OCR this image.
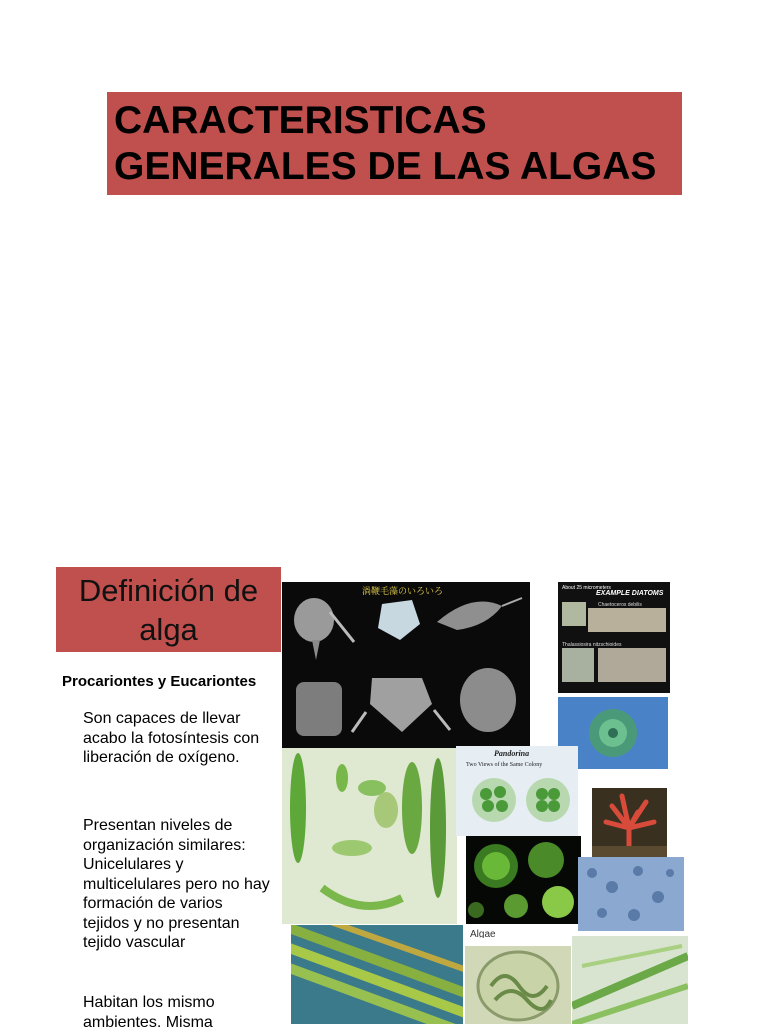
CARACTERISTICAS
GENERALES DE LAS ALGAS
Definición de
alga
Procariontes y Eucariontes
Son capaces de llevar acabo la fotosíntesis con liberación de oxígeno.
Presentan niveles de organización similares: Unicelulares y multicelulares pero no hay formación de varios tejidos y no presentan tejido vascular
Habitan los mismo ambientes. Misma
渦鞭毛藻のいろいろ	About 25 micrometers
EXAMPLE DIATOMS
Chaetoceros debilis
Thalassiosira nitzschioides
Pandorina
Two Views of the Same Colony
Algae
